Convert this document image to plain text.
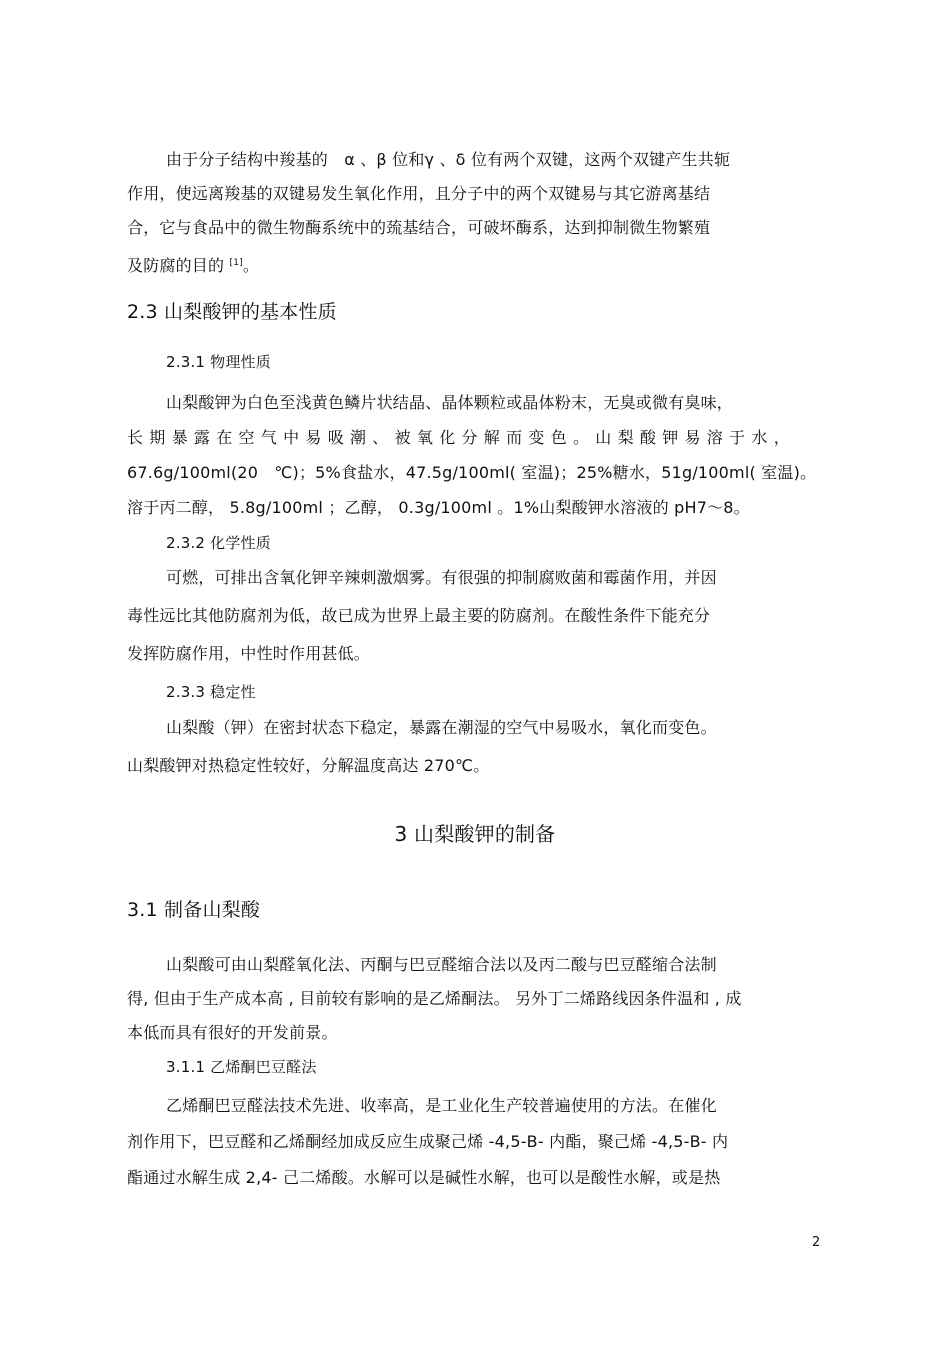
由于分子结构中羧基的　α 、β 位和γ 、δ 位有两个双键，这两个双键产生共轭
作用，使远离羧基的双键易发生氧化作用，且分子中的两个双键易与其它游离基结
合，它与食品中的微生物酶系统中的巯基结合，可破坏酶系，达到抑制微生物繁殖
及防腐的目的 [1]。
2.3 山梨酸钾的基本性质
2.3.1 物理性质
山梨酸钾为白色至浅黄色鳞片状结晶、晶体颗粒或晶体粉末，无臭或微有臭味，
长期暴露在空气中易吸潮、被氧化分解而变色。山梨酸钾易溶于水，
67.6g/100ml(20　℃)；5%食盐水，47.5g/100ml( 室温)；25%糖水，51g/100ml( 室温)。
溶于丙二醇， 5.8g/100ml ；乙醇， 0.3g/100ml 。1%山梨酸钾水溶液的 pH7～8。
2.3.2 化学性质
可燃，可排出含氧化钾辛辣刺激烟雾。有很强的抑制腐败菌和霉菌作用，并因
毒性远比其他防腐剂为低，故已成为世界上最主要的防腐剂。在酸性条件下能充分
发挥防腐作用，中性时作用甚低。
2.3.3 稳定性
山梨酸（钾）在密封状态下稳定，暴露在潮湿的空气中易吸水，氧化而变色。
山梨酸钾对热稳定性较好，分解温度高达 270℃。
3 山梨酸钾的制备
3.1 制备山梨酸
山梨酸可由山梨醛氧化法、丙酮与巴豆醛缩合法以及丙二酸与巴豆醛缩合法制
得, 但由于生产成本高 , 目前较有影响的是乙烯酮法。 另外丁二烯路线因条件温和 , 成
本低而具有很好的开发前景。
3.1.1 乙烯酮巴豆醛法
乙烯酮巴豆醛法技术先进、收率高，是工业化生产较普遍使用的方法。在催化
剂作用下，巴豆醛和乙烯酮经加成反应生成聚己烯 -4,5-B- 内酯，聚己烯 -4,5-B- 内
酯通过水解生成 2,4- 己二烯酸。水解可以是碱性水解，也可以是酸性水解，或是热
2
